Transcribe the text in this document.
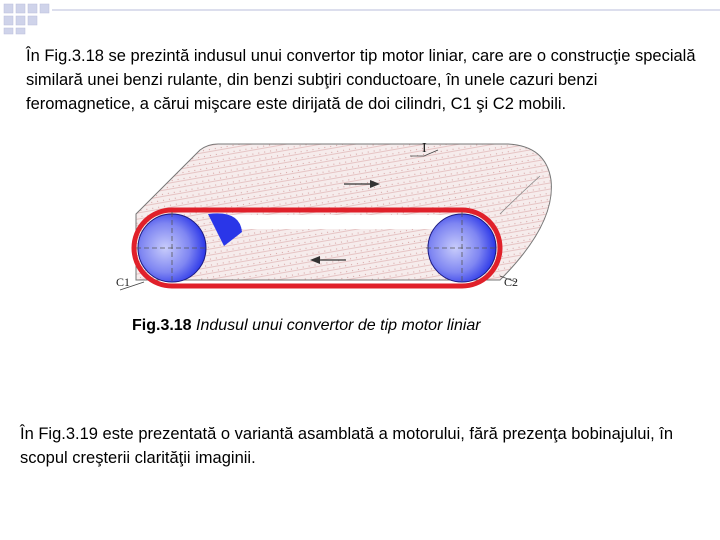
În Fig.3.18 se prezintă indusul unui convertor tip motor liniar, care are o construcţie specială similară unei benzi rulante, din benzi subţiri conductoare, în unele cazuri benzi feromagnetice, a cărui mişcare este dirijată de doi cilindri, C1 şi C2 mobili.
I
C1	C2
Fig.3.18 Indusul unui convertor de tip motor liniar
În Fig.3.19 este prezentată o variantă asamblată a motorului, fără prezenţa bobinajului, în scopul creşterii clarităţii imaginii.
